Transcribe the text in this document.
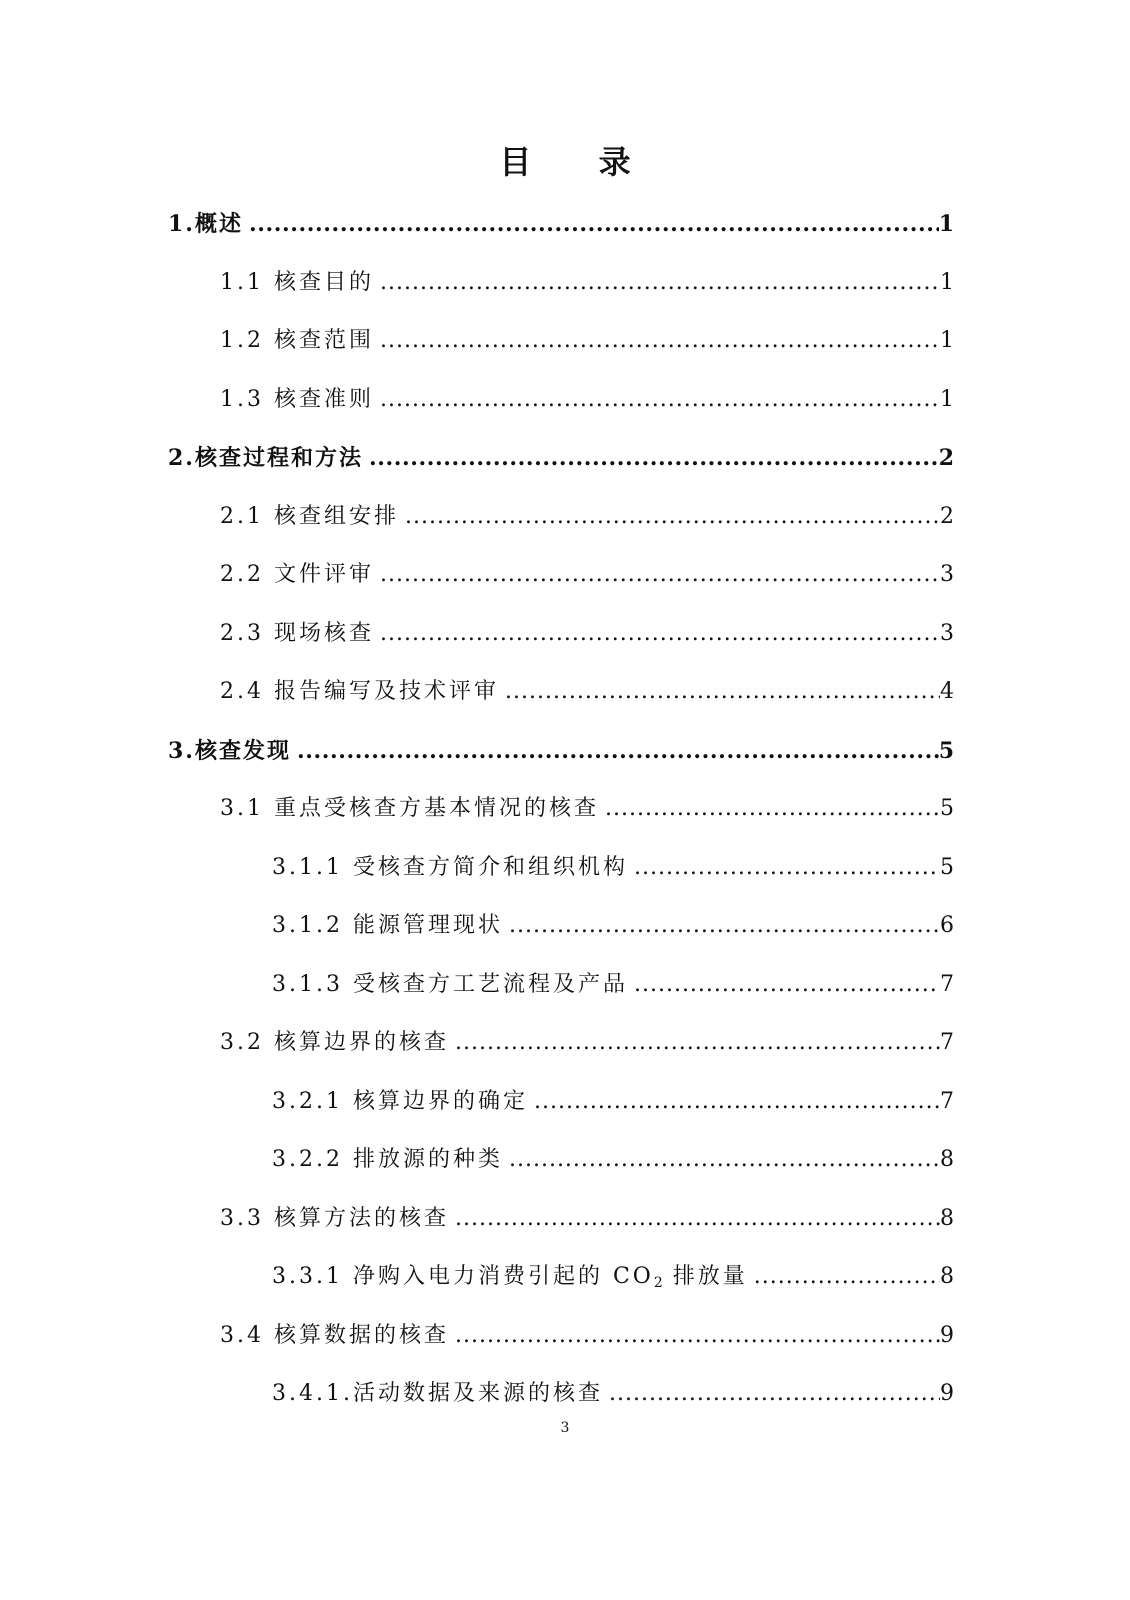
目 录
1.概述 .....	1
1.1 核查目的 .....	1
1.2 核查范围 .....	1
1.3 核查准则 .....	1
2.核查过程和方法 .....	2
2.1 核查组安排 .....	2
2.2 文件评审 .....	3
2.3 现场核查 .....	3
2.4 报告编写及技术评审 .....	4
3.核查发现 .....	5
3.1 重点受核查方基本情况的核查 .....	5
3.1.1 受核查方简介和组织机构 .....	5
3.1.2 能源管理现状 .....	6
3.1.3 受核查方工艺流程及产品 .....	7
3.2 核算边界的核查 .....	7
3.2.1 核算边界的确定 .....	7
3.2.2 排放源的种类 .....	8
3.3 核算方法的核查 .....	8
3.3.1 净购入电力消费引起的 $CO_2$ 排放量 .....	8
3.4 核算数据的核查 .....	9
3.4.1.活动数据及来源的核查 .....	9
3
